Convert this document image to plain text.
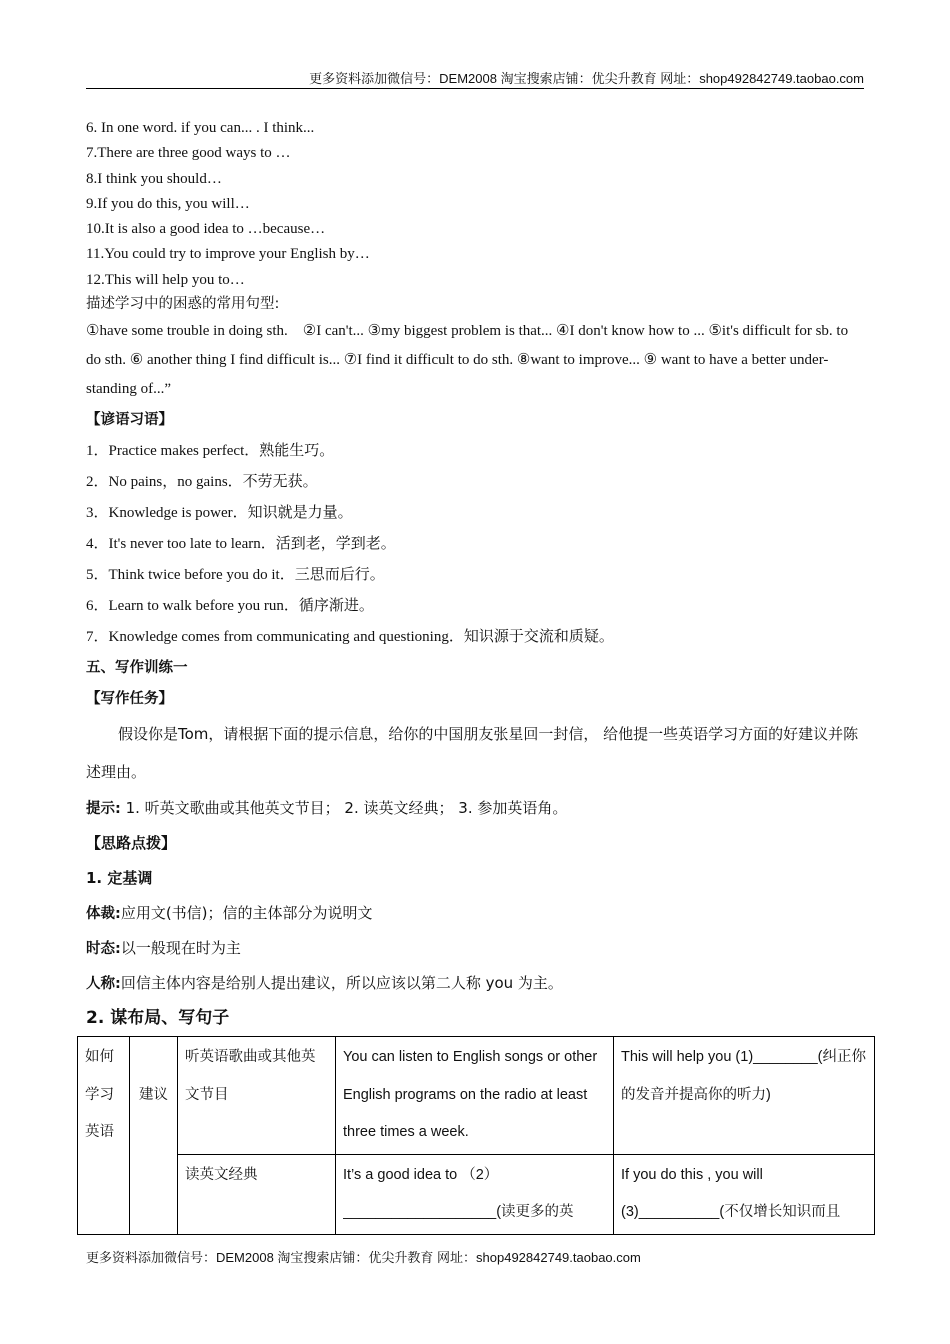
更多资料添加微信号：DEM2008 淘宝搜索店铺：优尖升教育 网址：shop492842749.taobao.com
6. In one word. if you can... . I think...
7.There are three good ways to …
8.I think you should…
9.If you do this, you will…
10.It is also a good idea to …because…
11.You could try to improve your English by…
12.This will help you to…
描述学习中的困惑的常用句型:
①have some trouble in doing sth.　②I can't... ③my biggest problem is that... ④I don't know how to ... ⑤it's difficult for sb. to do sth. ⑥ another thing I find difficult is... ⑦I find it difficult to do sth. ⑧want to improve... ⑨ want to have a better under- standing of...”
【谚语习语】
1．Practice makes perfect．熟能生巧。
2．No pains，no gains．不劳无获。
3．Knowledge is power．知识就是力量。
4．It's never too late to learn．活到老，学到老。
5．Think twice before you do it．三思而后行。
6．Learn to walk before you run．循序渐进。
7．Knowledge comes from communicating and questioning．知识源于交流和质疑。
五、写作训练一
【写作任务】
假设你是Tom，请根据下面的提示信息，给你的中国朋友张星回一封信， 给他提一些英语学习方面的好建议并陈述理由。
提示: 1. 听英文歌曲或其他英文节目； 2. 读英文经典； 3. 参加英语角。
【思路点拨】
1. 定基调
体裁:应用文(书信)；信的主体部分为说明文
时态:以一般现在时为主
人称:回信主体内容是给别人提出建议，所以应该以第二人称 you 为主。
2. 谋布局、写句子
如何学习英语	建议	听英语歌曲或其他英文节目	You can listen to English songs or other English programs on the radio at least three times a week.	This will help you (1)________(纠正你的发音并提高你的听力)
		读英文经典	It’s a good idea to （2）___________________(读更多的英	If you do this , you will (3)__________(不仅增长知识而且
更多资料添加微信号：DEM2008 淘宝搜索店铺：优尖升教育 网址：shop492842749.taobao.com
